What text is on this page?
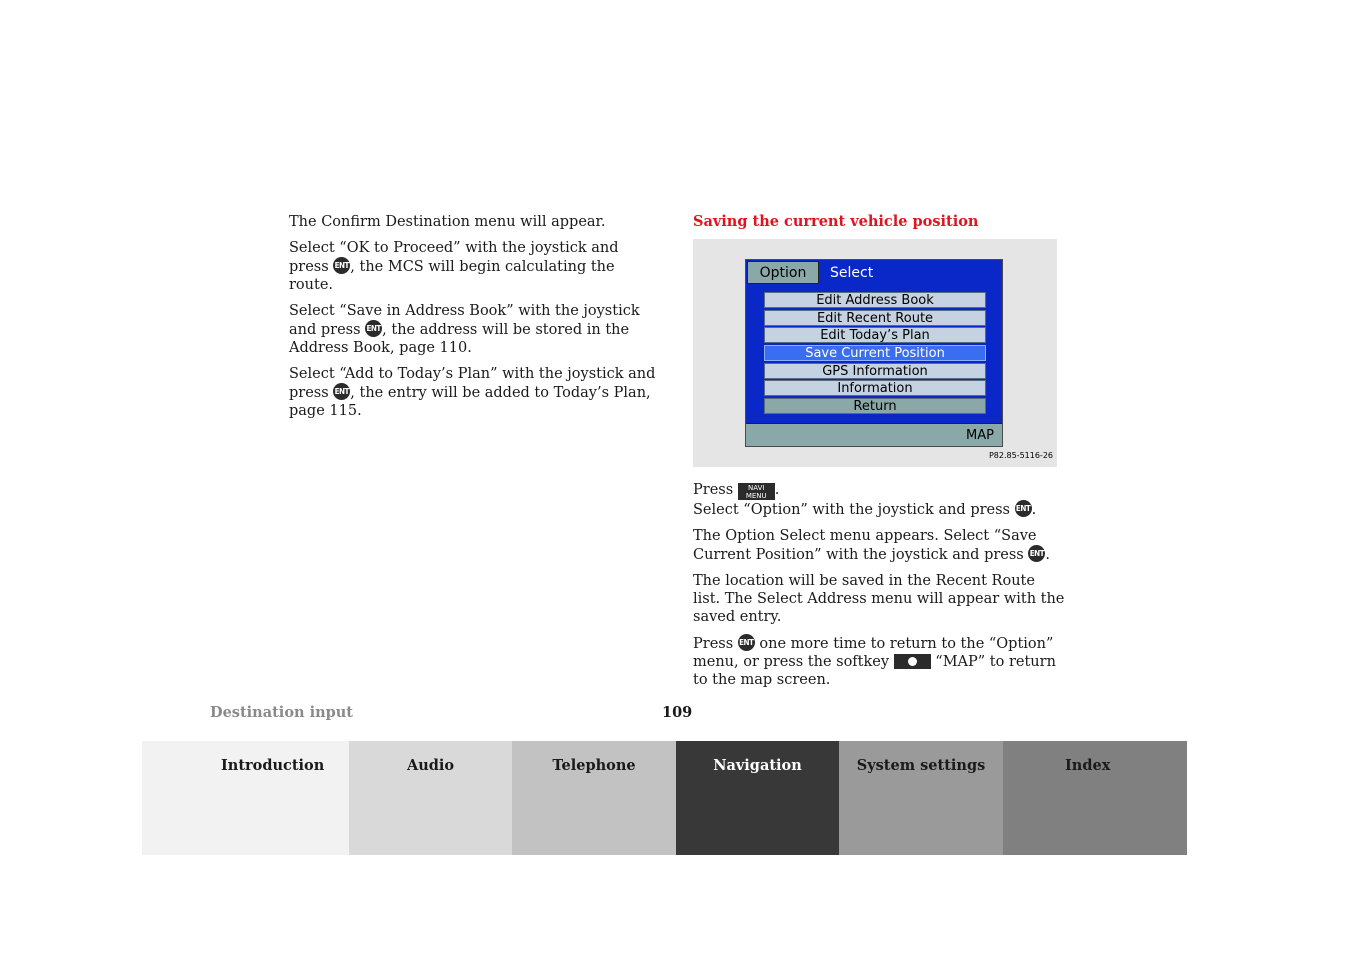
The Confirm Destination menu will appear.

Select “OK to Proceed” with the joystick and press ENT, the MCS will begin calculating the route.

Select “Save in Address Book” with the joystick and press ENT, the address will be stored in the Address Book, page 110.

Select “Add to Today’s Plan” with the joystick and press ENT, the entry will be added to Today’s Plan, page 115.

Saving the current vehicle position

Option	Select
Edit Address Book
Edit Recent Route
Edit Today’s Plan
Save Current Position
GPS Information
Information
Return
MAP
P82.85-5116-26

Press NAVI
MENU .
Select “Option” with the joystick and press ENT.

The Option Select menu appears. Select “Save Current Position” with the joystick and press ENT.

The location will be saved in the Recent Route list. The Select Address menu will appear with the saved entry.

Press ENT one more time to return to the “Option” menu, or press the softkey	“MAP” to return to the map screen.

Destination input	109
Introduction	Audio	Telephone	Navigation	System settings	Index
